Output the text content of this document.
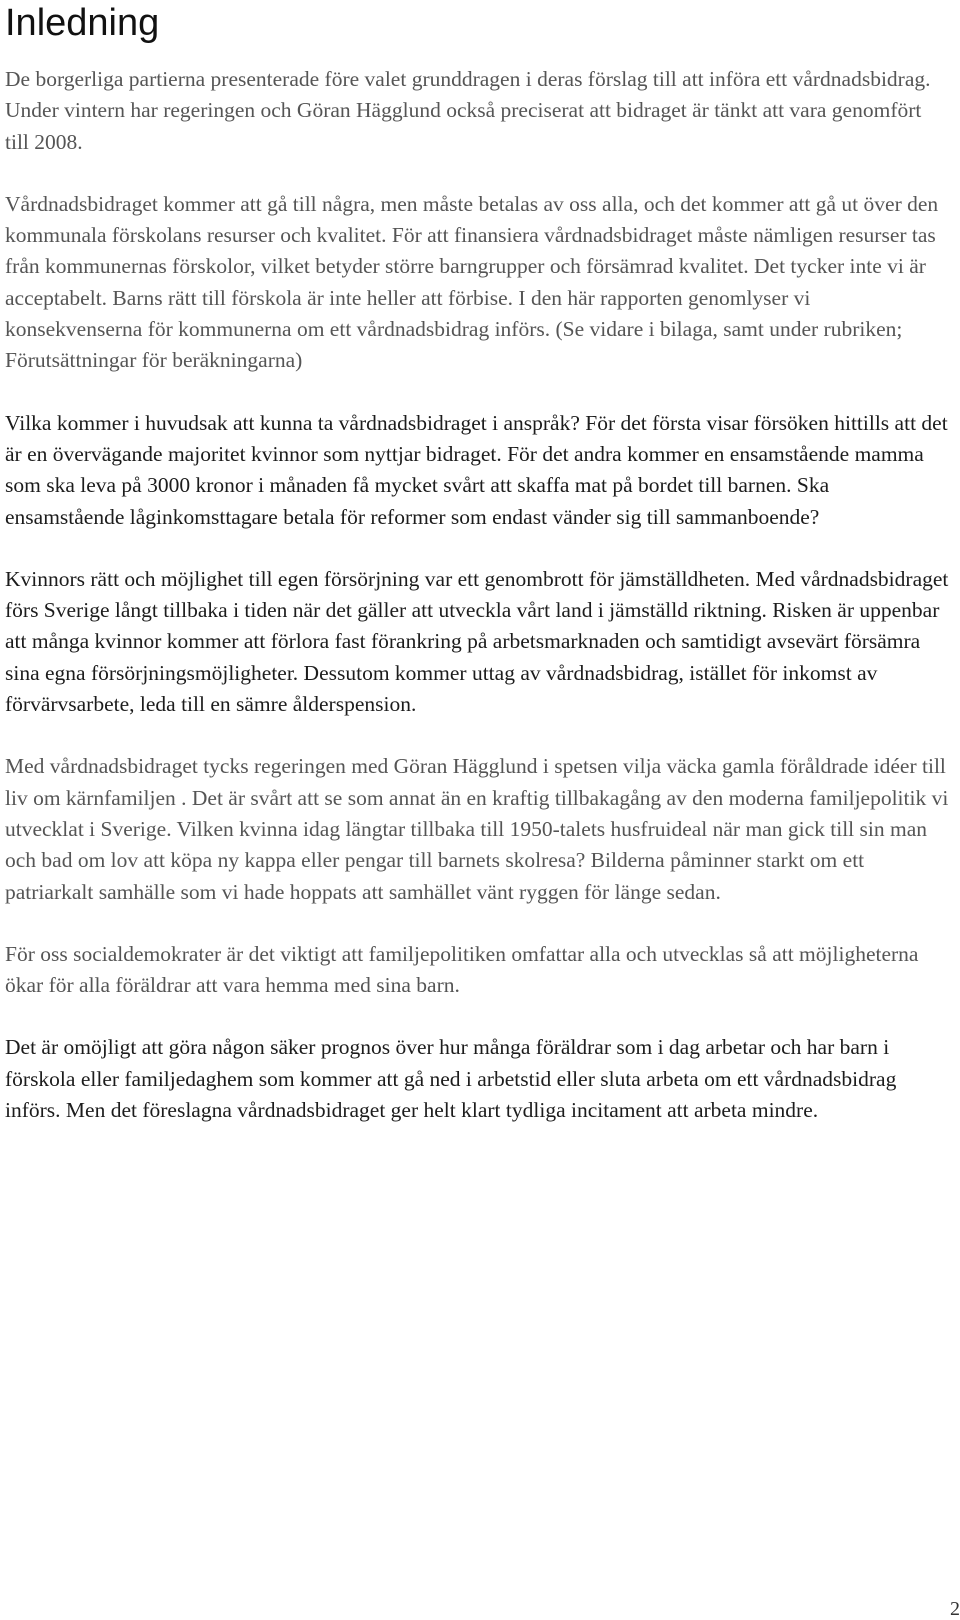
Inledning

De borgerliga partierna presenterade före valet grunddragen i deras förslag till att införa ett vårdnadsbidrag. Under vintern har regeringen och Göran Hägglund också preciserat att bidraget är tänkt att vara genomfört till 2008.

Vårdnadsbidraget kommer att gå till några, men måste betalas av oss alla, och det kommer att gå ut över den kommunala förskolans resurser och kvalitet. För att finansiera vårdnadsbidraget måste nämligen resurser tas från kommunernas förskolor, vilket betyder större barngrupper och försämrad kvalitet. Det tycker inte vi är acceptabelt. Barns rätt till förskola är inte heller att förbise. I den här rapporten genomlyser vi konsekvenserna för kommunerna om ett vårdnadsbidrag införs. (Se vidare i bilaga, samt under rubriken; Förutsättningar för beräkningarna)

Vilka kommer i huvudsak att kunna ta vårdnadsbidraget i anspråk? För det första visar försöken hittills att det är en övervägande majoritet kvinnor som nyttjar bidraget. För det andra kommer en ensamstående mamma som ska leva på 3000 kronor i månaden få mycket svårt att skaffa mat på bordet till barnen. Ska ensamstående låginkomsttagare betala för reformer som endast vänder sig till sammanboende?

Kvinnors rätt och möjlighet till egen försörjning var ett genombrott för jämställdheten. Med vårdnadsbidraget förs Sverige långt tillbaka i tiden när det gäller att utveckla vårt land i jämställd riktning. Risken är uppenbar att många kvinnor kommer att förlora fast förankring på arbetsmarknaden och samtidigt avsevärt försämra sina egna försörjningsmöjligheter. Dessutom kommer uttag av vårdnadsbidrag, istället för inkomst av förvärvsarbete, leda till en sämre ålderspension.

Med vårdnadsbidraget tycks regeringen med Göran Hägglund i spetsen vilja väcka gamla föråldrade idéer till liv om kärnfamiljen . Det är svårt att se som annat än en kraftig tillbakagång av den moderna familjepolitik vi utvecklat i Sverige. Vilken kvinna idag längtar tillbaka till 1950-talets husfruideal när man gick till sin man och bad om lov att köpa ny kappa eller pengar till barnets skolresa? Bilderna påminner starkt om ett patriarkalt samhälle som vi hade hoppats att samhället vänt ryggen för länge sedan.

För oss socialdemokrater är det viktigt att familjepolitiken omfattar alla och utvecklas så att möjligheterna ökar för alla föräldrar att vara hemma med sina barn.

Det är omöjligt att göra någon säker prognos över hur många föräldrar som i dag arbetar och har barn i förskola eller familjedaghem som kommer att gå ned i arbetstid eller sluta arbeta om ett vårdnadsbidrag införs. Men det föreslagna vårdnadsbidraget ger helt klart tydliga incitament att arbeta mindre.

2
